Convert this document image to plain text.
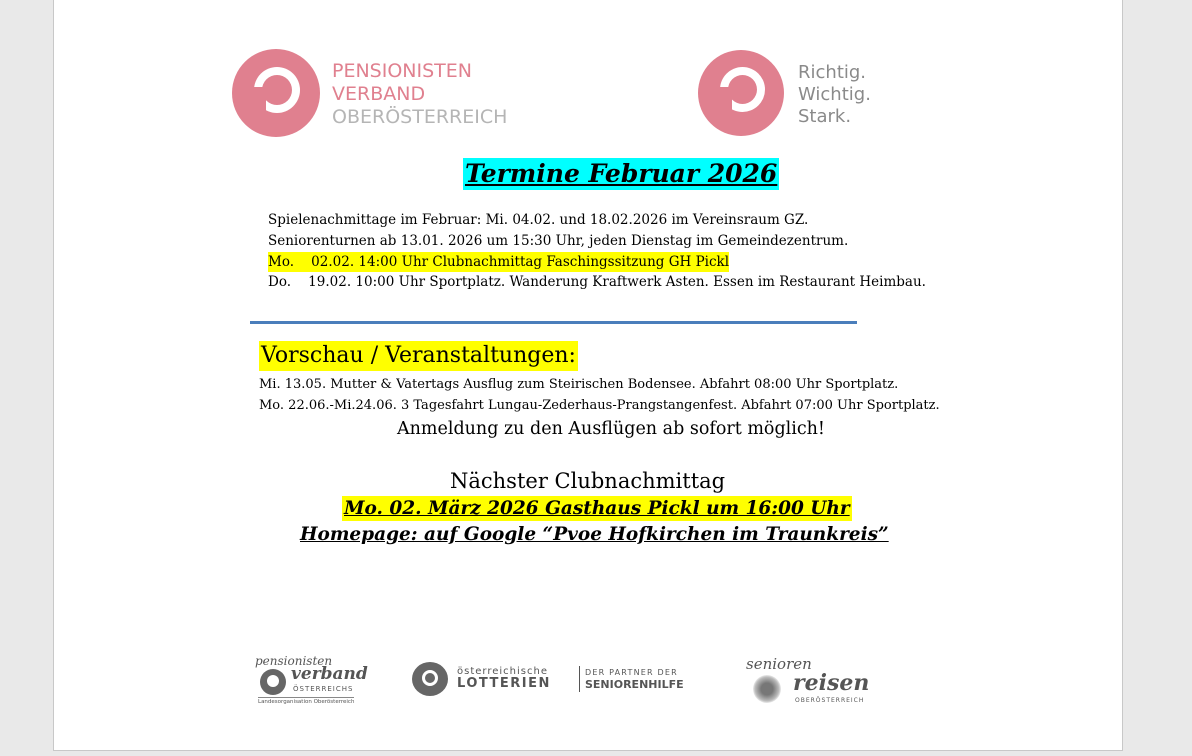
PENSIONISTEN
VERBAND
OBERÖSTERREICH
Richtig.
Wichtig.
Stark.
Termine Februar 2026
Spielenachmittage im Februar: Mi. 04.02. und 18.02.2026 im Vereinsraum GZ.
Seniorenturnen ab 13.01. 2026 um 15:30 Uhr, jeden Dienstag im Gemeindezentrum.
Mo.    02.02. 14:00 Uhr Clubnachmittag Faschingssitzung GH Pickl
Do.    19.02. 10:00 Uhr Sportplatz. Wanderung Kraftwerk Asten. Essen im Restaurant Heimbau.
Vorschau / Veranstaltungen:
Mi. 13.05. Mutter & Vatertags Ausflug zum Steirischen Bodensee. Abfahrt 08:00 Uhr Sportplatz.
Mo. 22.06.-Mi.24.06. 3 Tagesfahrt Lungau-Zederhaus-Prangstangenfest. Abfahrt 07:00 Uhr Sportplatz.
Anmeldung zu den Ausflügen ab sofort möglich!
Nächster Clubnachmittag
Mo. 02. März 2026 Gasthaus Pickl um 16:00 Uhr
Homepage: auf Google “Pvoe Hofkirchen im Traunkreis”
pensionisten
verband
ÖSTERREICHS
Landesorganisation Oberösterreich
österreichische
LOTTERIEN
DER PARTNER DER
SENIORENHILFE
senioren
reisen
OBERÖSTERREICH
